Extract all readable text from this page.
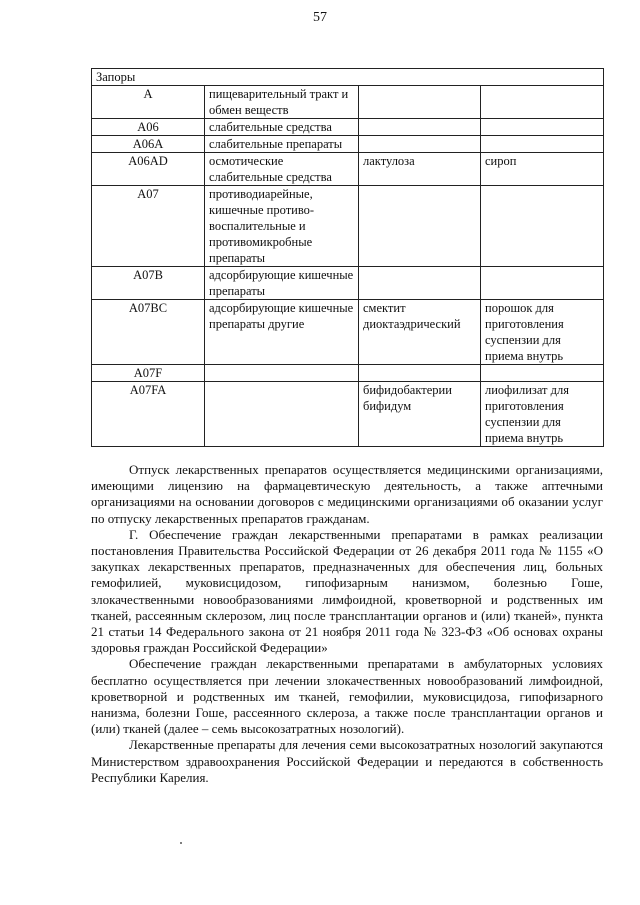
57
Запоры			
A	пищеварительный тракт и обмен веществ		
A06	слабительные средства		
A06A	слабительные препараты		
A06AD	осмотические слабительные средства	лактулоза	сироп
A07	противодиарейные, кишечные противо-воспалительные и противомикробные препараты		
A07B	адсорбирующие кишечные препараты		
A07BC	адсорбирующие кишечные препараты другие	смектит диоктаэдрический	порошок для приготовления суспензии для приема внутрь
A07F			
A07FA		бифидобактерии бифидум	лиофилизат для приготовления суспензии для приема внутрь

Отпуск лекарственных препаратов осуществляется медицинскими организациями, имеющими лицензию на фармацевтическую деятельность, а также аптечными организациями на основании договоров с медицинскими организациями об оказании услуг по отпуску лекарственных препаратов гражданам.

Г. Обеспечение граждан лекарственными препаратами в рамках реализации постановления Правительства Российской Федерации от 26 декабря 2011 года № 1155 «О закупках лекарственных препаратов, предназначенных для обеспечения лиц, больных гемофилией, муковисцидозом, гипофизарным нанизмом, болезнью Гоше, злокачественными новообразованиями лимфоидной, кроветворной и родственных им тканей, рассеянным склерозом, лиц после трансплантации органов и (или) тканей», пункта 21 статьи 14 Федерального закона от 21 ноября 2011 года № 323-ФЗ «Об основах охраны здоровья граждан Российской Федерации»

Обеспечение граждан лекарственными препаратами в амбулаторных условиях бесплатно осуществляется при лечении злокачественных новообразований лимфоидной, кроветворной и родственных им тканей, гемофилии, муковисцидоза, гипофизарного нанизма, болезни Гоше, рассеянного склероза, а также после трансплантации органов и (или) тканей (далее – семь высокозатратных нозологий).

Лекарственные препараты для лечения семи высокозатратных нозологий закупаются Министерством здравоохранения Российской Федерации и передаются в собственность Республики Карелия.
